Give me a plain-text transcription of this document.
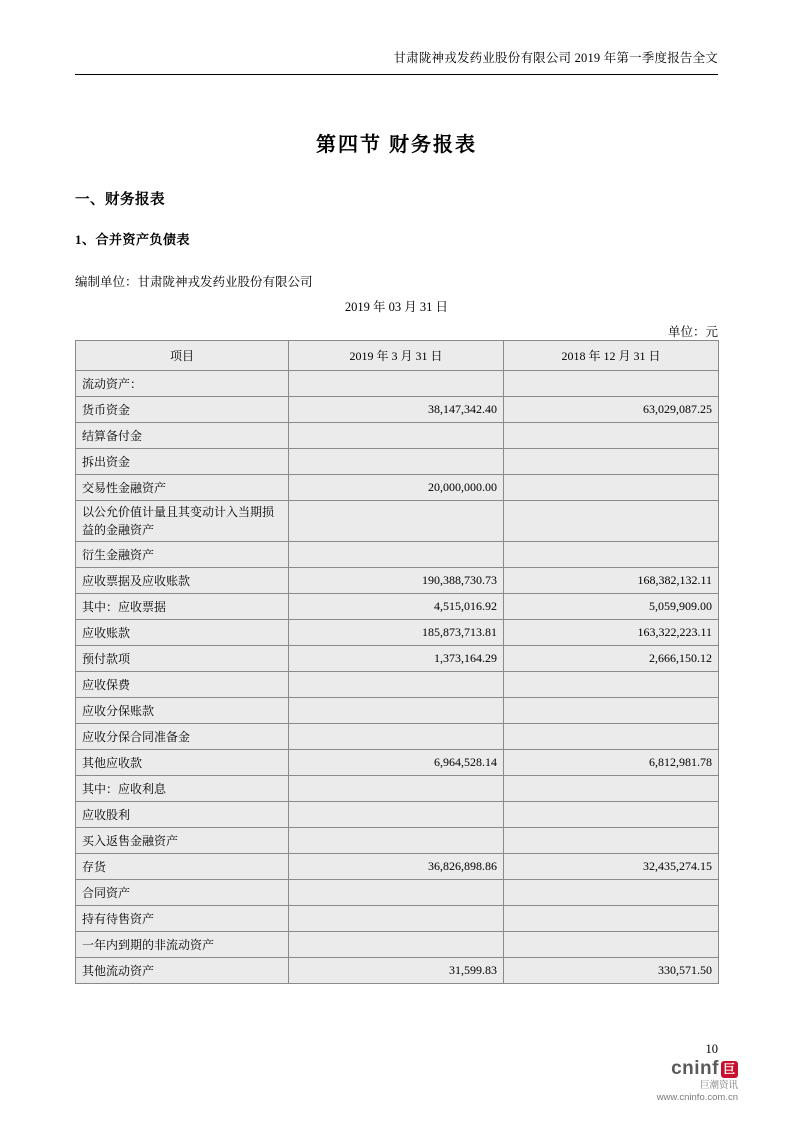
甘肃陇神戎发药业股份有限公司 2019 年第一季度报告全文
第四节 财务报表
一、财务报表
1、合并资产负债表
编制单位：甘肃陇神戎发药业股份有限公司
2019 年 03 月 31 日
单位：元
项目	2019 年 3 月 31 日	2018 年 12 月 31 日
流动资产：		
货币资金	38,147,342.40	63,029,087.25
结算备付金		
拆出资金		
交易性金融资产	20,000,000.00	
以公允价值计量且其变动计入当期损益的金融资产		
衍生金融资产		
应收票据及应收账款	190,388,730.73	168,382,132.11
其中：应收票据	4,515,016.92	5,059,909.00
应收账款	185,873,713.81	163,322,223.11
预付款项	1,373,164.29	2,666,150.12
应收保费		
应收分保账款		
应收分保合同准备金		
其他应收款	6,964,528.14	6,812,981.78
其中：应收利息		
应收股利		
买入返售金融资产		
存货	36,826,898.86	32,435,274.15
合同资产		
持有待售资产		
一年内到期的非流动资产		
其他流动资产	31,599.83	330,571.50
10
cninf 巨
巨潮资讯
www.cninfo.com.cn
